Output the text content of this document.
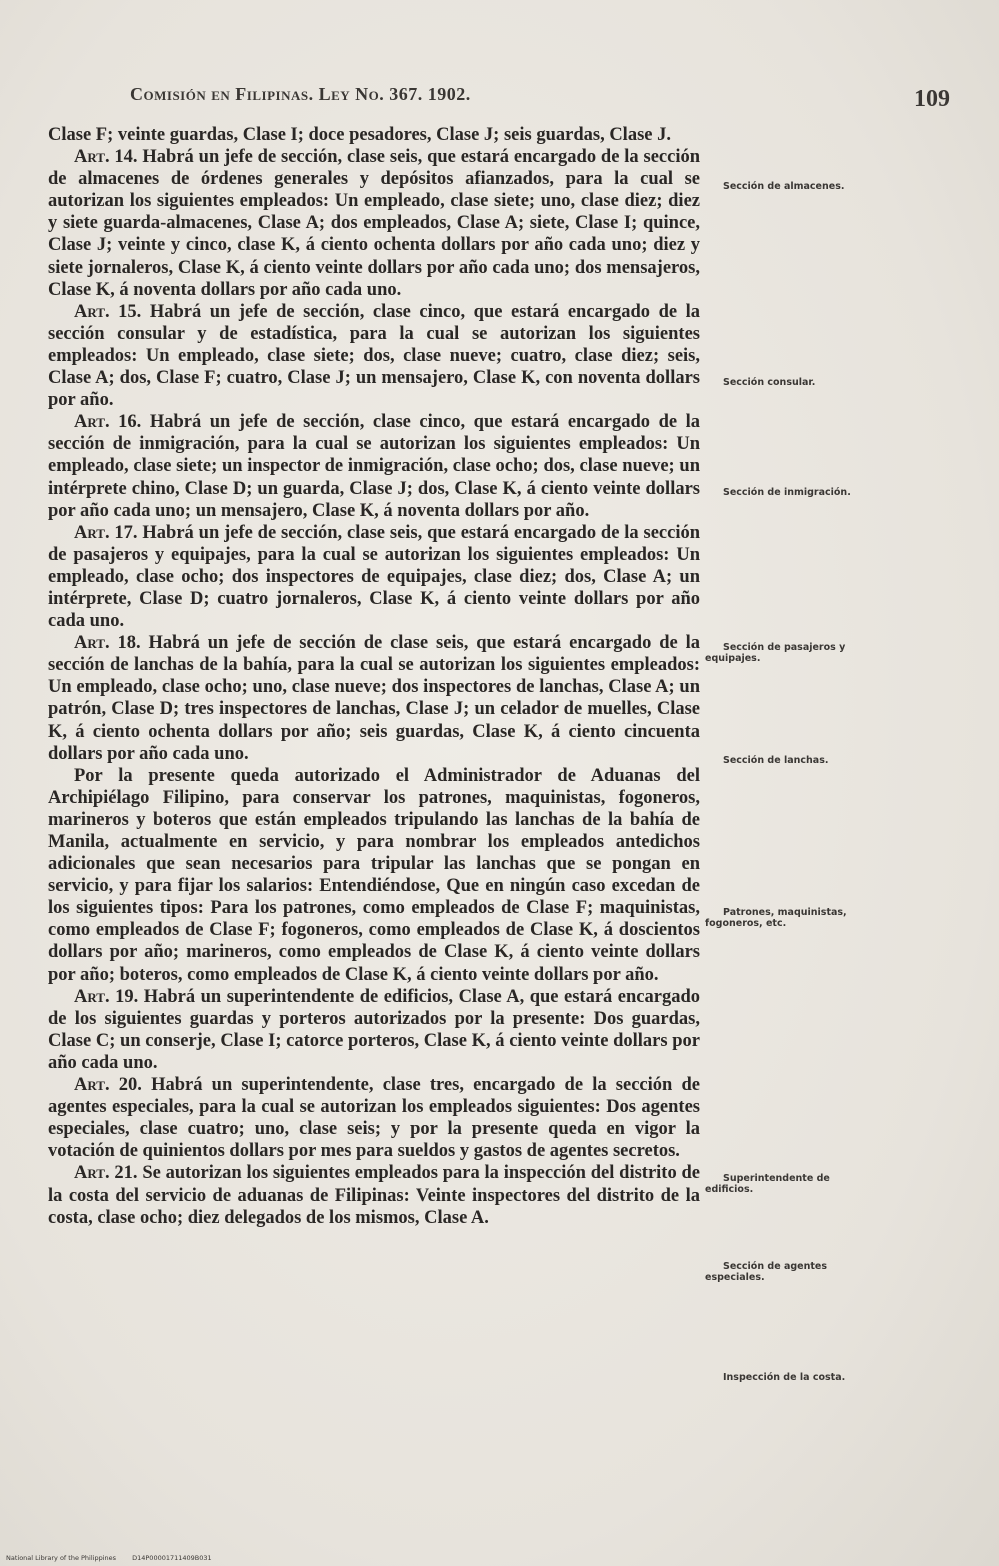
Comisión en Filipinas. Ley No. 367. 1902.	109

Clase F; veinte guardas, Clase I; doce pesadores, Clase J; seis guardas, Clase J.

Art. 14. Habrá un jefe de sección, clase seis, que estará encargado de la sección de almacenes de órdenes generales y depósitos afianzados, para la cual se autorizan los siguientes empleados: Un empleado, clase siete; uno, clase diez; diez y siete guarda-almacenes, Clase A; dos empleados, Clase A; siete, Clase I; quince, Clase J; veinte y cinco, clase K, á ciento ochenta dollars por año cada uno; diez y siete jornaleros, Clase K, á ciento veinte dollars por año cada uno; dos mensajeros, Clase K, á noventa dollars por año cada uno.

Art. 15. Habrá un jefe de sección, clase cinco, que estará encargado de la sección consular y de estadística, para la cual se autorizan los siguientes empleados: Un empleado, clase siete; dos, clase nueve; cuatro, clase diez; seis, Clase A; dos, Clase F; cuatro, Clase J; un mensajero, Clase K, con noventa dollars por año.

Art. 16. Habrá un jefe de sección, clase cinco, que estará encargado de la sección de inmigración, para la cual se autorizan los siguientes empleados: Un empleado, clase siete; un inspector de inmigración, clase ocho; dos, clase nueve; un intérprete chino, Clase D; un guarda, Clase J; dos, Clase K, á ciento veinte dollars por año cada uno; un mensajero, Clase K, á noventa dollars por año.

Art. 17. Habrá un jefe de sección, clase seis, que estará encargado de la sección de pasajeros y equipajes, para la cual se autorizan los siguientes empleados: Un empleado, clase ocho; dos inspectores de equipajes, clase diez; dos, Clase A; un intérprete, Clase D; cuatro jornaleros, Clase K, á ciento veinte dollars por año cada uno.

Art. 18. Habrá un jefe de sección de clase seis, que estará encargado de la sección de lanchas de la bahía, para la cual se autorizan los siguientes empleados: Un empleado, clase ocho; uno, clase nueve; dos inspectores de lanchas, Clase A; un patrón, Clase D; tres inspectores de lanchas, Clase J; un celador de muelles, Clase K, á ciento ochenta dollars por año; seis guardas, Clase K, á ciento cincuenta dollars por año cada uno.

Por la presente queda autorizado el Administrador de Aduanas del Archipiélago Filipino, para conservar los patrones, maquinistas, fogoneros, marineros y boteros que están empleados tripulando las lanchas de la bahía de Manila, actualmente en servicio, y para nombrar los empleados antedichos adicionales que sean necesarios para tripular las lanchas que se pongan en servicio, y para fijar los salarios: Entendiéndose, Que en ningún caso excedan de los siguientes tipos: Para los patrones, como empleados de Clase F; maquinistas, como empleados de Clase F; fogoneros, como empleados de Clase K, á doscientos dollars por año; marineros, como empleados de Clase K, á ciento veinte dollars por año; boteros, como empleados de Clase K, á ciento veinte dollars por año.

Art. 19. Habrá un superintendente de edificios, Clase A, que estará encargado de los siguientes guardas y porteros autorizados por la presente: Dos guardas, Clase C; un conserje, Clase I; catorce porteros, Clase K, á ciento veinte dollars por año cada uno.

Art. 20. Habrá un superintendente, clase tres, encargado de la sección de agentes especiales, para la cual se autorizan los empleados siguientes: Dos agentes especiales, clase cuatro; uno, clase seis; y por la presente queda en vigor la votación de quinientos dollars por mes para sueldos y gastos de agentes secretos.

Art. 21. Se autorizan los siguientes empleados para la inspección del distrito de la costa del servicio de aduanas de Filipinas: Veinte inspectores del distrito de la costa, clase ocho; diez delegados de los mismos, Clase A.

Sección de almacenes.
Sección consular.
Sección de inmigración.
Sección de pasajeros y equipajes.
Sección de lanchas.
Patrones, maquinistas, fogoneros, etc.
Superintendente de edificios.
Sección de agentes especiales.
Inspección de la costa.
National Library of the Philippines D14P00001711409B031
